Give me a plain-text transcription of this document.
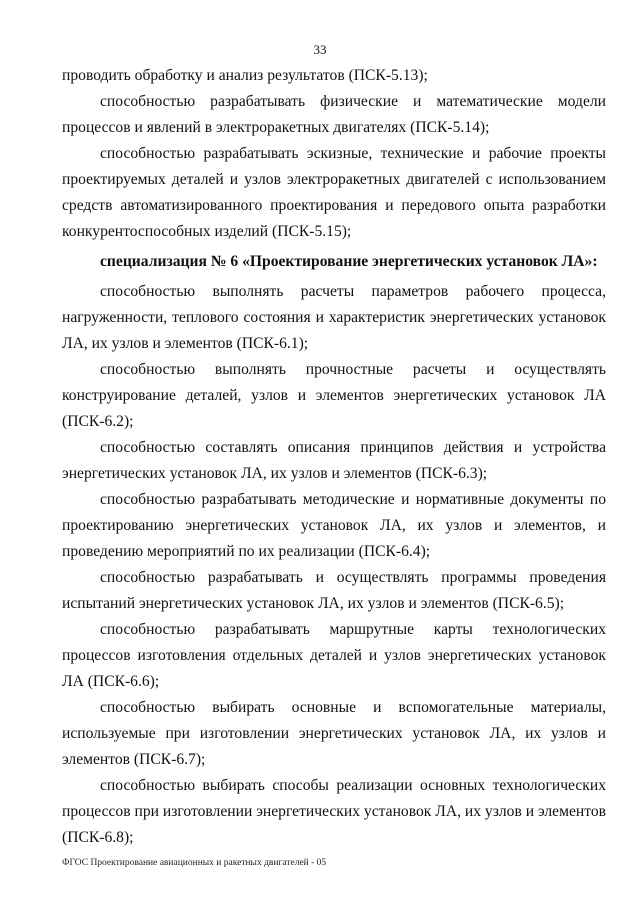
33

проводить обработку и анализ результатов (ПСК-5.13);

способностью разрабатывать физические и математические модели процессов и явлений в электроракетных двигателях (ПСК-5.14);

способностью разрабатывать эскизные, технические и рабочие проекты проектируемых деталей и узлов электроракетных двигателей с использованием средств автоматизированного проектирования и передового опыта разработки конкурентоспособных изделий (ПСК-5.15);

специализация № 6 «Проектирование энергетических установок ЛА»:

способностью выполнять расчеты параметров рабочего процесса, нагруженности, теплового состояния и характеристик энергетических установок ЛА, их узлов и элементов (ПСК-6.1);

способностью выполнять прочностные расчеты и осуществлять конструирование деталей, узлов и элементов энергетических установок ЛА (ПСК-6.2);

способностью составлять описания принципов действия и устройства энергетических установок ЛА, их узлов и элементов (ПСК-6.3);

способностью разрабатывать методические и нормативные документы по проектированию энергетических установок ЛА, их узлов и элементов, и проведению мероприятий по их реализации (ПСК-6.4);

способностью разрабатывать и осуществлять программы проведения испытаний энергетических установок ЛА, их узлов и элементов (ПСК-6.5);

способностью разрабатывать маршрутные карты технологических процессов изготовления отдельных деталей и узлов энергетических установок ЛА (ПСК-6.6);

способностью выбирать основные и вспомогательные материалы, используемые при изготовлении энергетических установок ЛА, их узлов и элементов (ПСК-6.7);

способностью выбирать способы реализации основных технологических процессов при изготовлении энергетических установок ЛА, их узлов и элементов (ПСК-6.8);

ФГОС Проектирование авиационных и ракетных двигателей - 05
